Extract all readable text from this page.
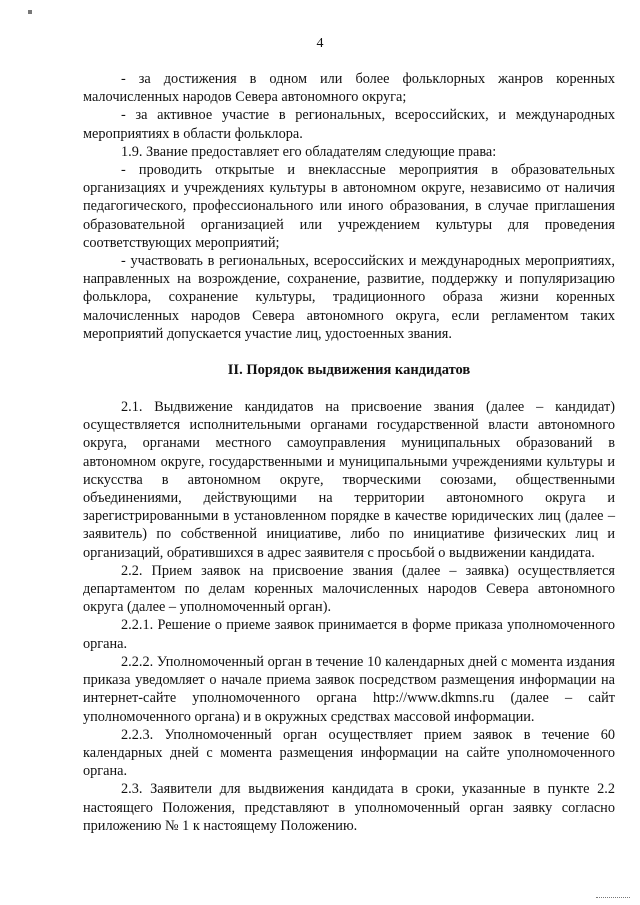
4

- за достижения в одном или более фольклорных жанров коренных малочисленных народов Севера автономного округа;

- за активное участие в региональных, всероссийских, и международных мероприятиях в области фольклора.

1.9. Звание предоставляет его обладателям следующие права:

- проводить открытые и внеклассные мероприятия в образовательных организациях и учреждениях культуры в автономном округе, независимо от наличия педагогического, профессионального или иного образования, в случае приглашения образовательной организацией или учреждением культуры для проведения соответствующих мероприятий;

- участвовать в региональных, всероссийских и международных мероприятиях, направленных на возрождение, сохранение, развитие, поддержку и популяризацию фольклора, сохранение культуры, традиционного образа жизни коренных малочисленных народов Севера автономного округа, если регламентом таких мероприятий допускается участие лиц, удостоенных звания.

II. Порядок выдвижения кандидатов

2.1. Выдвижение кандидатов на присвоение звания (далее – кандидат) осуществляется исполнительными органами государственной власти автономного округа, органами местного самоуправления муниципальных образований в автономном округе, государственными и муниципальными учреждениями культуры и искусства в автономном округе, творческими союзами, общественными объединениями, действующими на территории автономного округа и зарегистрированными в установленном порядке в качестве юридических лиц (далее – заявитель) по собственной инициативе, либо по инициативе физических лиц и организаций, обратившихся в адрес заявителя с просьбой о выдвижении кандидата.

2.2. Прием заявок на присвоение звания (далее – заявка) осуществляется департаментом по делам коренных малочисленных народов Севера автономного округа (далее – уполномоченный орган).

2.2.1. Решение о приеме заявок принимается в форме приказа уполномоченного органа.

2.2.2. Уполномоченный орган в течение 10 календарных дней с момента издания приказа уведомляет о начале приема заявок посредством размещения информации на интернет-сайте уполномоченного органа http://www.dkmns.ru (далее – сайт уполномоченного органа) и в окружных средствах массовой информации.

2.2.3. Уполномоченный орган осуществляет прием заявок в течение 60 календарных дней с момента размещения информации на сайте уполномоченного органа.

2.3. Заявители для выдвижения кандидата в сроки, указанные в пункте 2.2 настоящего Положения, представляют в уполномоченный орган заявку согласно приложению № 1 к настоящему Положению.
